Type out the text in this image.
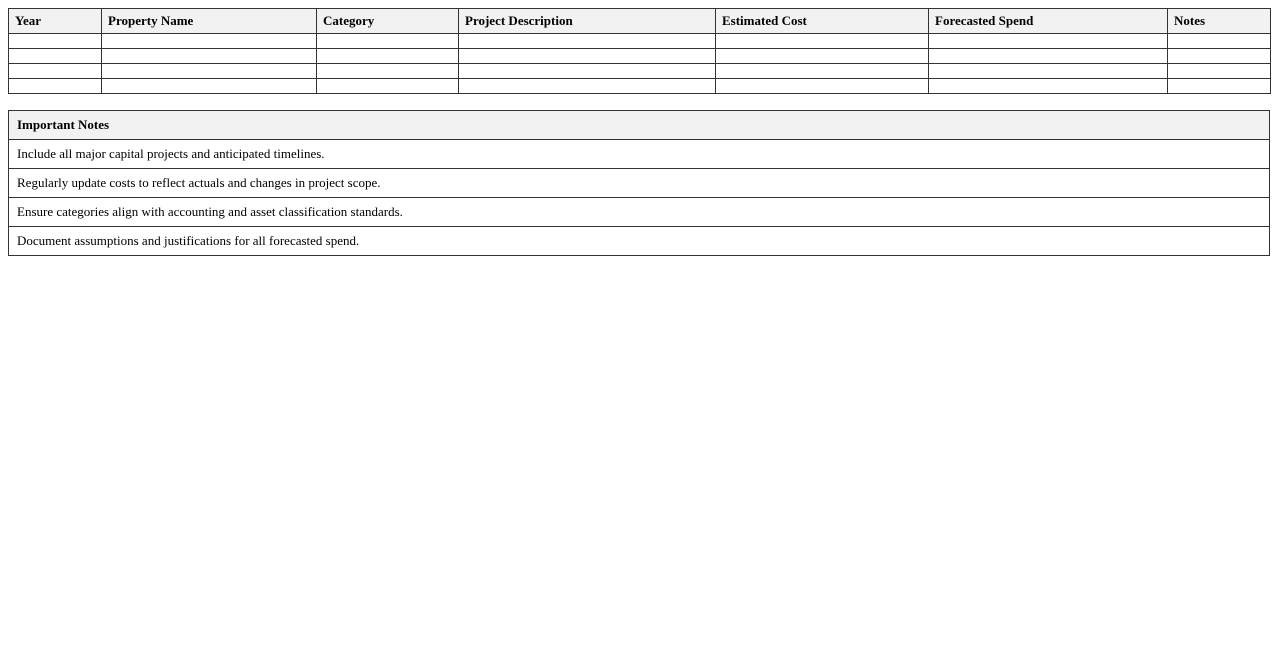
Year	Property Name	Category	Project Description	Estimated Cost	Forecasted Spend	Notes

Important Notes
Include all major capital projects and anticipated timelines.
Regularly update costs to reflect actuals and changes in project scope.
Ensure categories align with accounting and asset classification standards.
Document assumptions and justifications for all forecasted spend.
